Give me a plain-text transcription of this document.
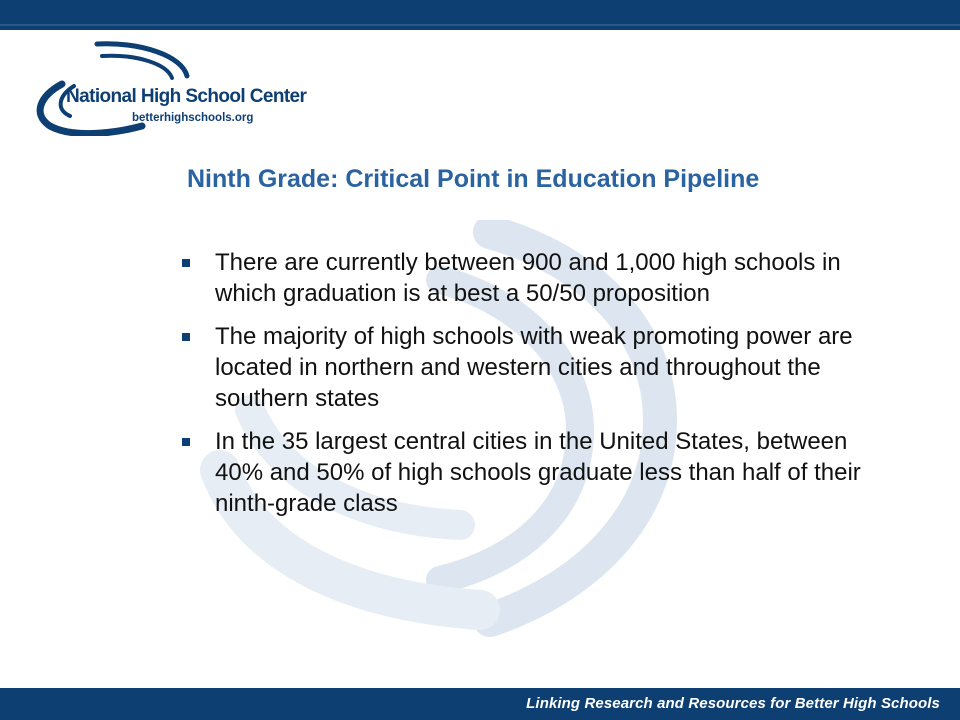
National High School Center
betterhighschools.org
Ninth Grade: Critical Point in Education Pipeline
There are currently between 900 and 1,000 high schools in which graduation is at best a 50/50 proposition
The majority of high schools with weak promoting power are located in northern and western cities and throughout the southern states
In the 35 largest central cities in the United States, between 40% and 50% of high schools graduate less than half of their ninth-grade class
Linking Research and Resources for Better High Schools
